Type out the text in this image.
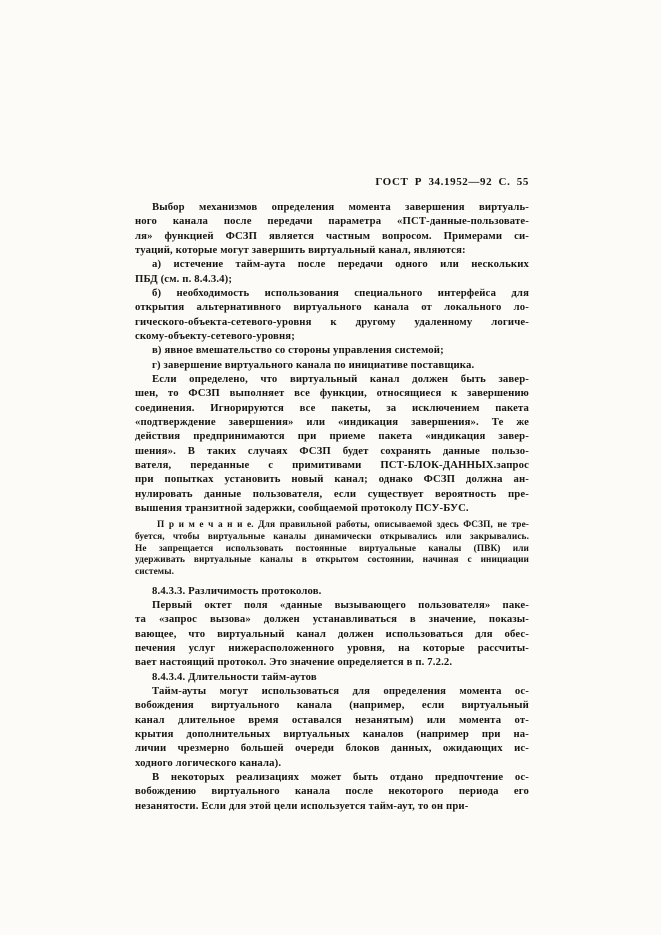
ГОСТ Р 34.1952—92 С. 55
Выбор механизмов определения момента завершения виртуаль-
ного канала после передачи параметра «ПСТ-данные-пользовате-
ля» функцией ФСЗП является частным вопросом. Примерами си-
туаций, которые могут завершить виртуальный канал, являются:
а) истечение тайм-аута после передачи одного или нескольких
ПБД (см. п. 8.4.3.4);
б) необходимость использования специального интерфейса для
открытия альтернативного виртуального канала от локального ло-
гического-объекта-сетевого-уровня к другому удаленному логиче-
скому-объекту-сетевого-уровня;
в) явное вмешательство со стороны управления системой;
г) завершение виртуального канала по инициативе поставщика.
Если определено, что виртуальный канал должен быть завер-
шен, то ФСЗП выполняет все функции, относящиеся к завершению
соединения. Игнорируются все пакеты, за исключением пакета
«подтверждение завершения» или «индикация завершения». Те же
действия предпринимаются при приеме пакета «индикация завер-
шения». В таких случаях ФСЗП будет сохранять данные пользо-
вателя, переданные с примитивами ПСТ-БЛОК-ДАННЫХ.запрос
при попытках установить новый канал; однако ФСЗП должна ан-
нулировать данные пользователя, если существует вероятность пре-
вышения транзитной задержки, сообщаемой протоколу ПСУ-БУС.
П р и м е ч а н и е. Для правильной работы, описываемой здесь ФСЗП, не тре-
буется, чтобы виртуальные каналы динамически открывались или закрывались.
Не запрещается использовать постоянные виртуальные каналы (ПВК) или
удерживать виртуальные каналы в открытом состоянии, начиная с инициации
системы.
8.4.3.3. Различимость протоколов.
Первый октет поля «данные вызывающего пользователя» паке-
та «запрос вызова» должен устанавливаться в значение, показы-
вающее, что виртуальный канал должен использоваться для обес-
печения услуг нижерасположенного уровня, на которые рассчиты-
вает настоящий протокол. Это значение определяется в п. 7.2.2.
8.4.3.4. Длительности тайм-аутов
Тайм-ауты могут использоваться для определения момента ос-
вобождения виртуального канала (например, если виртуальный
канал длительное время оставался незанятым) или момента от-
крытия дополнительных виртуальных каналов (например при на-
личии чрезмерно большей очереди блоков данных, ожидающих ис-
ходного логического канала).
В некоторых реализациях может быть отдано предпочтение ос-
вобождению виртуального канала после некоторого периода его
незанятости. Если для этой цели используется тайм-аут, то он при-
